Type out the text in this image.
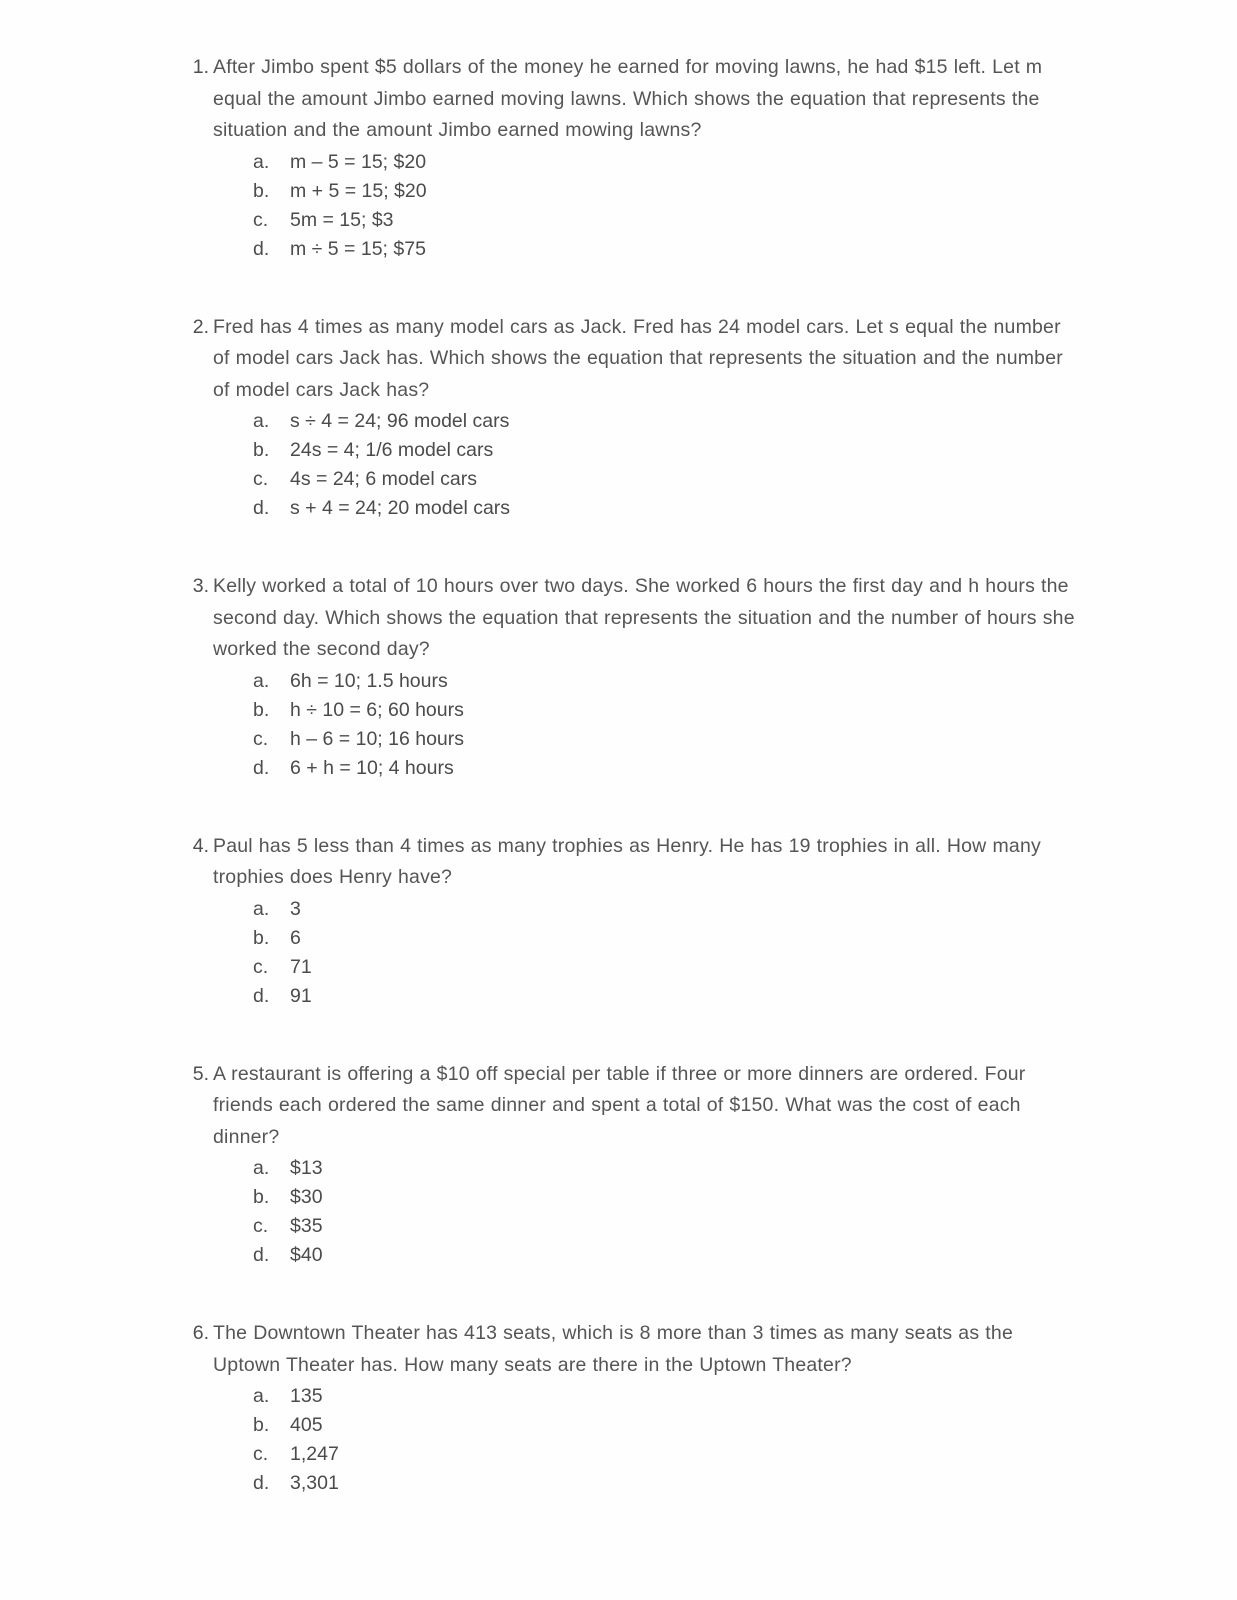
1. After Jimbo spent $5 dollars of the money he earned for moving lawns, he had $15 left. Let m equal the amount Jimbo earned moving lawns. Which shows the equation that represents the situation and the amount Jimbo earned mowing lawns?
a.	m – 5 = 15; $20
b.	m + 5 = 15; $20
c.	5m = 15; $3
d.	m ÷ 5 = 15; $75
2. Fred has 4 times as many model cars as Jack. Fred has 24 model cars. Let s equal the number of model cars Jack has. Which shows the equation that represents the situation and the number of model cars Jack has?
a.	s ÷ 4 = 24; 96 model cars
b.	24s = 4; 1/6 model cars
c.	4s = 24; 6 model cars
d.	s + 4 = 24; 20 model cars
3. Kelly worked a total of 10 hours over two days. She worked 6 hours the first day and h hours the second day. Which shows the equation that represents the situation and the number of hours she worked the second day?
a.	6h = 10; 1.5 hours
b.	h ÷ 10 = 6; 60 hours
c.	h – 6 = 10; 16 hours
d.	6 + h = 10; 4 hours
4. Paul has 5 less than 4 times as many trophies as Henry. He has 19 trophies in all. How many trophies does Henry have?
a.	3
b.	6
c.	71
d.	91
5. A restaurant is offering a $10 off special per table if three or more dinners are ordered. Four friends each ordered the same dinner and spent a total of $150. What was the cost of each dinner?
a.	$13
b.	$30
c.	$35
d.	$40
6. The Downtown Theater has 413 seats, which is 8 more than 3 times as many seats as the Uptown Theater has. How many seats are there in the Uptown Theater?
a.	135
b.	405
c.	1,247
d.	3,301
